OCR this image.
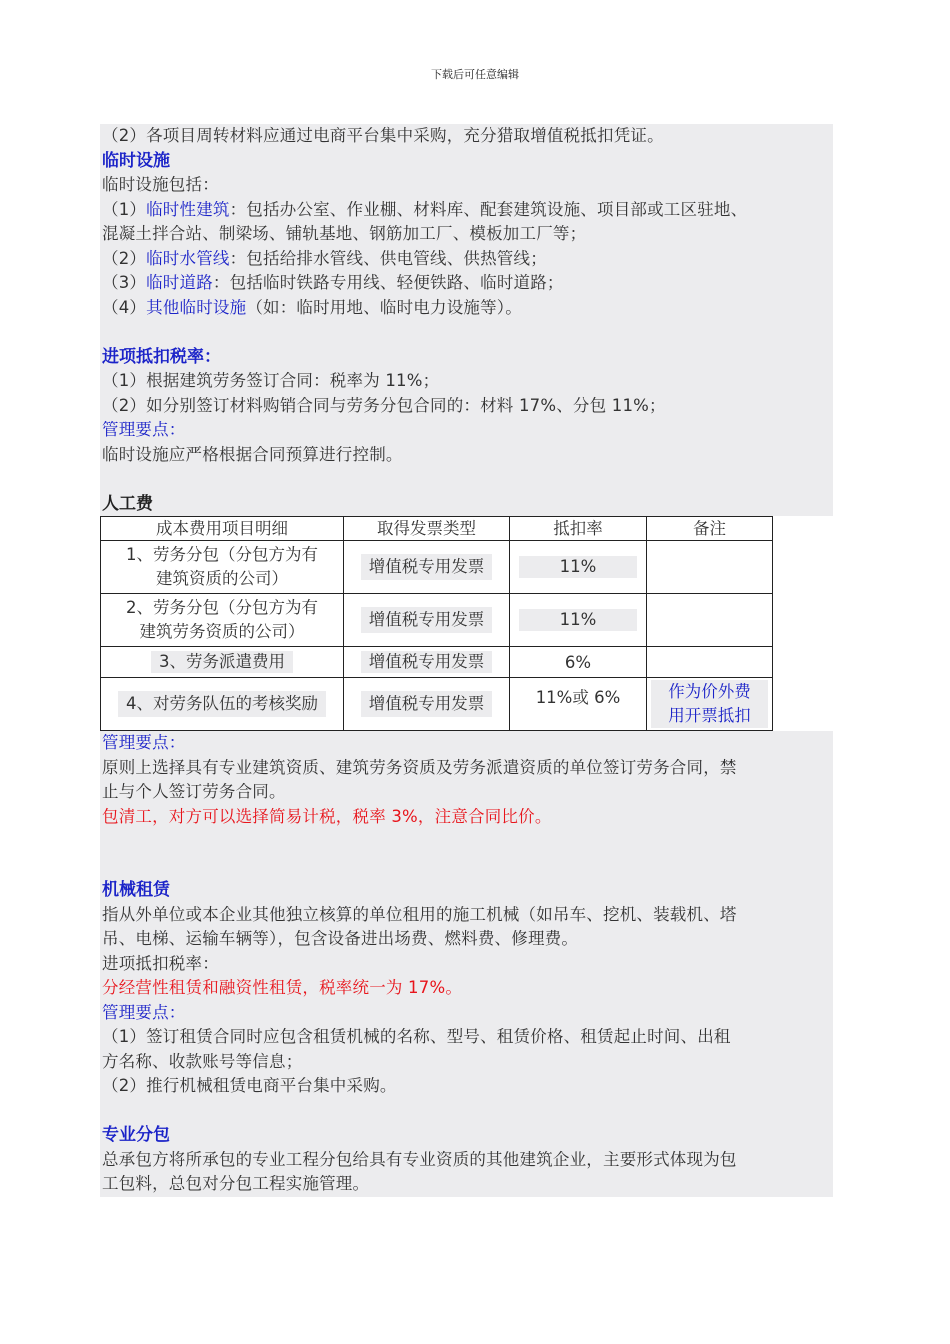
下载后可任意编辑
（2）各项目周转材料应通过电商平台集中采购，充分猎取增值税抵扣凭证。
临时设施
临时设施包括：
（1）临时性建筑：包括办公室、作业棚、材料库、配套建筑设施、项目部或工区驻地、
混凝土拌合站、制梁场、铺轨基地、钢筋加工厂、模板加工厂等；
（2）临时水管线：包括给排水管线、供电管线、供热管线；
（3）临时道路：包括临时铁路专用线、轻便铁路、临时道路；
（4）其他临时设施（如：临时用地、临时电力设施等）。
进项抵扣税率：
（1）根据建筑劳务签订合同：税率为 11%；
（2）如分别签订材料购销合同与劳务分包合同的：材料 17%、分包 11%；
管理要点：
临时设施应严格根据合同预算进行控制。
人工费
成本费用项目明细	取得发票类型	抵扣率	备注
1、劳务分包（分包方为有
建筑资质的公司）	增值税专用发票	11%	
2、劳务分包（分包方为有
建筑劳务资质的公司）	增值税专用发票	11%	
3、劳务派遣费用	增值税专用发票	6%	
4、对劳务队伍的考核奖励	增值税专用发票	11%或 6%	作为价外费
用开票抵扣
管理要点：
原则上选择具有专业建筑资质、建筑劳务资质及劳务派遣资质的单位签订劳务合同，禁
止与个人签订劳务合同。
包清工，对方可以选择简易计税，税率 3%，注意合同比价。
机械租赁
指从外单位或本企业其他独立核算的单位租用的施工机械（如吊车、挖机、装载机、塔
吊、电梯、运输车辆等），包含设备进出场费、燃料费、修理费。
进项抵扣税率：
分经营性租赁和融资性租赁，税率统一为 17%。
管理要点：
（1）签订租赁合同时应包含租赁机械的名称、型号、租赁价格、租赁起止时间、出租
方名称、收款账号等信息；
（2）推行机械租赁电商平台集中采购。
专业分包
总承包方将所承包的专业工程分包给具有专业资质的其他建筑企业，主要形式体现为包
工包料，总包对分包工程实施管理。
